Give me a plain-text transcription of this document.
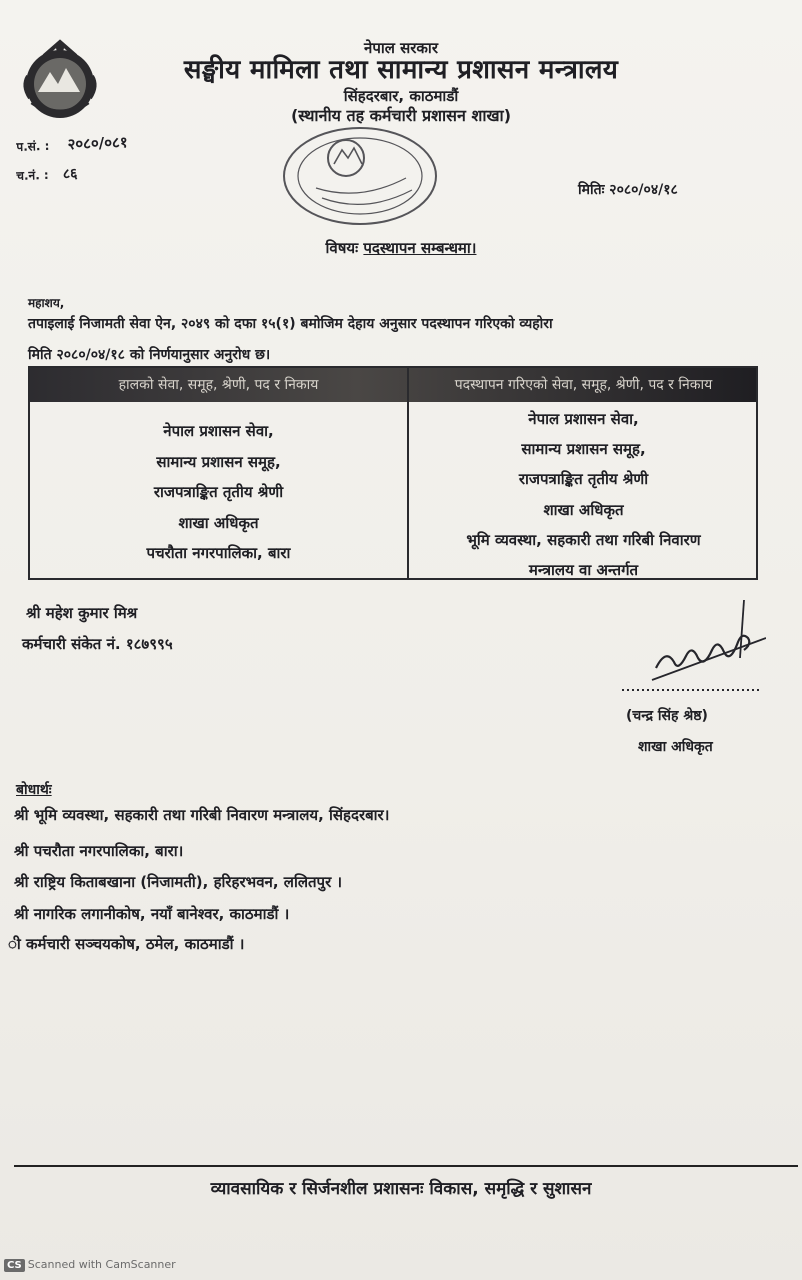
नेपाल सरकार
सङ्घीय मामिला तथा सामान्य प्रशासन मन्त्रालय
सिंहदरबार, काठमाडौं
(स्थानीय तह कर्मचारी प्रशासन शाखा)
प.सं. : २०८०/०८१
च.नं. : ८६
मितिः २०८०/०४/१८
विषयः पदस्थापन सम्बन्धमा।
महाशय,
तपाइलाई निजामती सेवा ऐन, २०४९ को दफा १५(१) बमोजिम देहाय अनुसार पदस्थापन गरिएको व्यहोरा
मिति २०८०/०४/१८ को निर्णयानुसार अनुरोध छ।
हालको सेवा, समूह, श्रेणी, पद र निकाय	पदस्थापन गरिएको सेवा, समूह, श्रेणी, पद र निकाय
नेपाल प्रशासन सेवा,
सामान्य प्रशासन समूह,
राजपत्राङ्कित तृतीय श्रेणी
शाखा अधिकृत
पचरौता नगरपालिका, बारा
नेपाल प्रशासन सेवा,
सामान्य प्रशासन समूह,
राजपत्राङ्कित तृतीय श्रेणी
शाखा अधिकृत
भूमि व्यवस्था, सहकारी तथा गरिबी निवारण
मन्त्रालय वा अन्तर्गत
श्री महेश कुमार मिश्र
कर्मचारी संकेत नं. १८७९९५
(चन्द्र सिंह श्रेष्ठ)
शाखा अधिकृत
बोधार्थः
श्री भूमि व्यवस्था, सहकारी तथा गरिबी निवारण मन्त्रालय, सिंहदरबार।
श्री पचरौता नगरपालिका, बारा।
श्री राष्ट्रिय किताबखाना (निजामती), हरिहरभवन, ललितपुर ।
श्री नागरिक लगानीकोष, नयाँ बानेश्वर, काठमाडौं ।
ी कर्मचारी सञ्चयकोष, ठमेल, काठमाडौं ।
व्यावसायिक र सिर्जनशील प्रशासनः विकास, समृद्धि र सुशासन
CS Scanned with CamScanner
